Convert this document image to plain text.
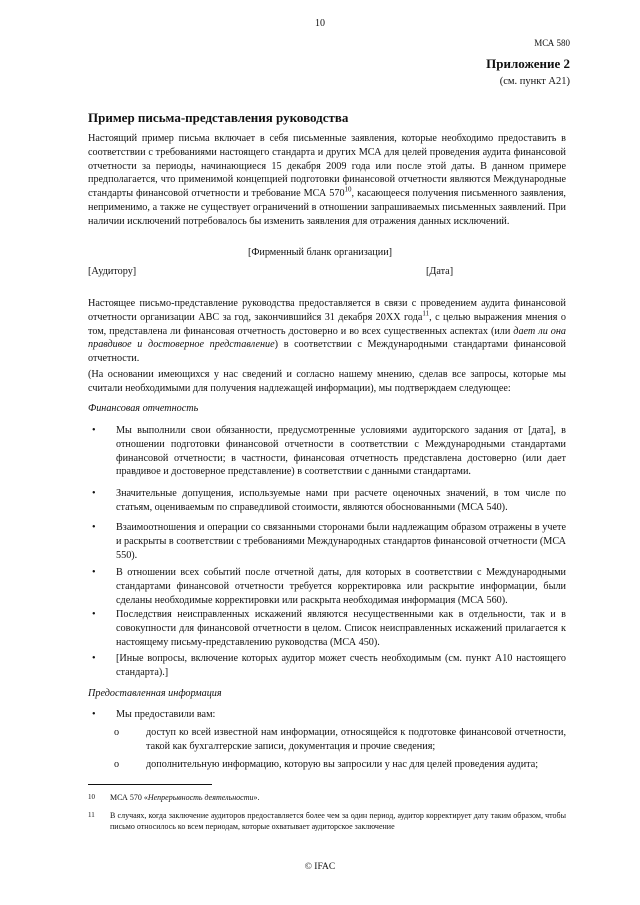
10
МСА 580
Приложение 2
(см. пункт А21)
Пример письма-представления руководства

Настоящий пример письма включает в себя письменные заявления, которые необходимо предоставить в соответствии с требованиями настоящего стандарта и других МСА для целей проведения аудита финансовой отчетности за периоды, начинающиеся 15 декабря 2009 года или после этой даты. В данном примере предполагается, что применимой концепцией подготовки финансовой отчетности являются Международные стандарты финансовой отчетности и требование МСА $570^{10}$, касающееся получения письменного заявления, неприменимо, а также не существует ограничений в отношении запрашиваемых письменных заявлений. При наличии исключений потребовалось бы изменить заявления для отражения данных исключений.

[Фирменный бланк организации]
[Аудитору]	[Дата]

Настоящее письмо-представление руководства предоставляется в связи с проведением аудита финансовой отчетности организации АВС за год, закончившийся 31 декабря 20ХХ года$^{11}$, с целью выражения мнения о том, представлена ли финансовая отчетность достоверно и во всех существенных аспектах (или дает ли она правдивое и достоверное представление) в соответствии с Международными стандартами финансовой отчетности.

(На основании имеющихся у нас сведений и согласно нашему мнению, сделав все запросы, которые мы считали необходимыми для получения надлежащей информации), мы подтверждаем следующее:

Финансовая отчетность
• Мы выполнили свои обязанности, предусмотренные условиями аудиторского задания от [дата], в отношении подготовки финансовой отчетности в соответствии с Международными стандартами финансовой отчетности; в частности, финансовая отчетность представлена достоверно (или дает правдивое и достоверное представление) в соответствии с данными стандартами.
• Значительные допущения, используемые нами при расчете оценочных значений, в том числе по статьям, оцениваемым по справедливой стоимости, являются обоснованными (МСА 540).
• Взаимоотношения и операции со связанными сторонами были надлежащим образом отражены в учете и раскрыты в соответствии с требованиями Международных стандартов финансовой отчетности (МСА 550).
• В отношении всех событий после отчетной даты, для которых в соответствии с Международными стандартами финансовой отчетности требуется корректировка или раскрытие информации, были сделаны необходимые корректировки или раскрыта необходимая информация (МСА 560).
• Последствия неисправленных искажений являются несущественными как в отдельности, так и в совокупности для финансовой отчетности в целом. Список неисправленных искажений прилагается к настоящему письму-представлению руководства (МСА 450).
• [Иные вопросы, включение которых аудитор может счесть необходимым (см. пункт А10 настоящего стандарта).]
Предоставленная информация
• Мы предоставили вам:
o	доступ ко всей известной нам информации, относящейся к подготовке финансовой отчетности, такой как бухгалтерские записи, документация и прочие сведения;
o	дополнительную информацию, которую вы запросили у нас для целей проведения аудита;
10 МСА 570 «Непрерывность деятельности».
11 В случаях, когда заключение аудиторов предоставляется более чем за один период, аудитор корректирует дату таким образом, чтобы письмо относилось ко всем периодам, которые охватывает аудиторское заключение
© IFAC
